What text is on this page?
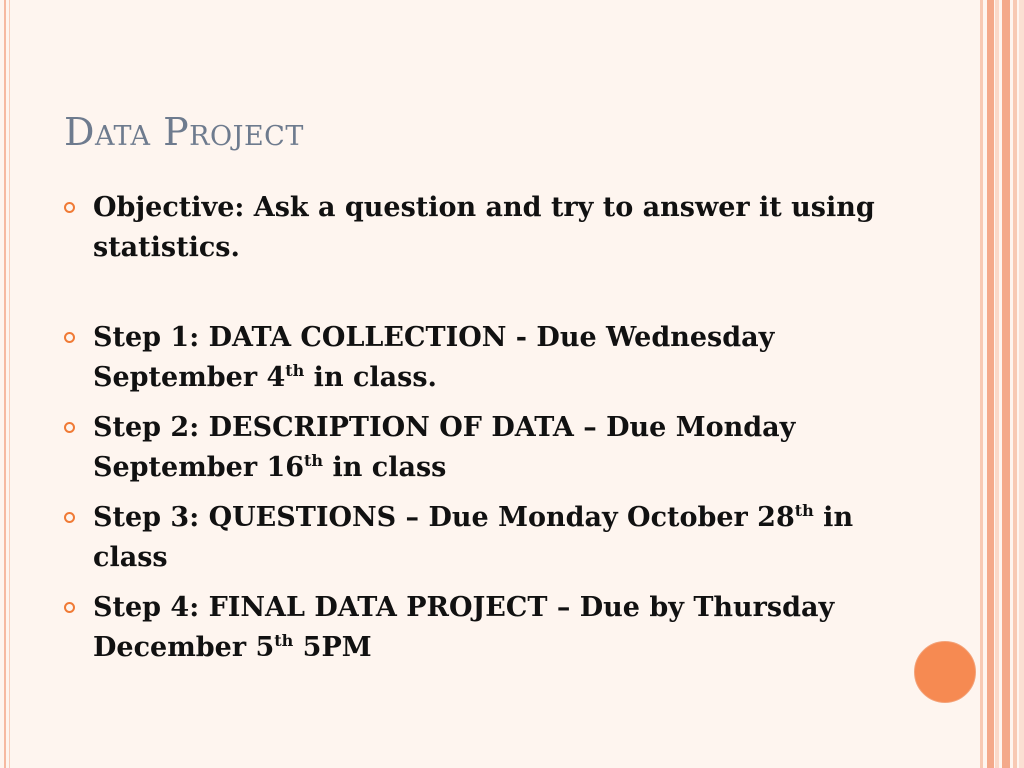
Data Project
Objective: Ask a question and try to answer it using statistics.
Step 1: DATA COLLECTION - Due Wednesday September 4th in class.
Step 2: DESCRIPTION OF DATA – Due Monday September 16th in class
Step 3: QUESTIONS – Due Monday October 28th in class
Step 4: FINAL DATA PROJECT – Due by Thursday December 5th 5PM
